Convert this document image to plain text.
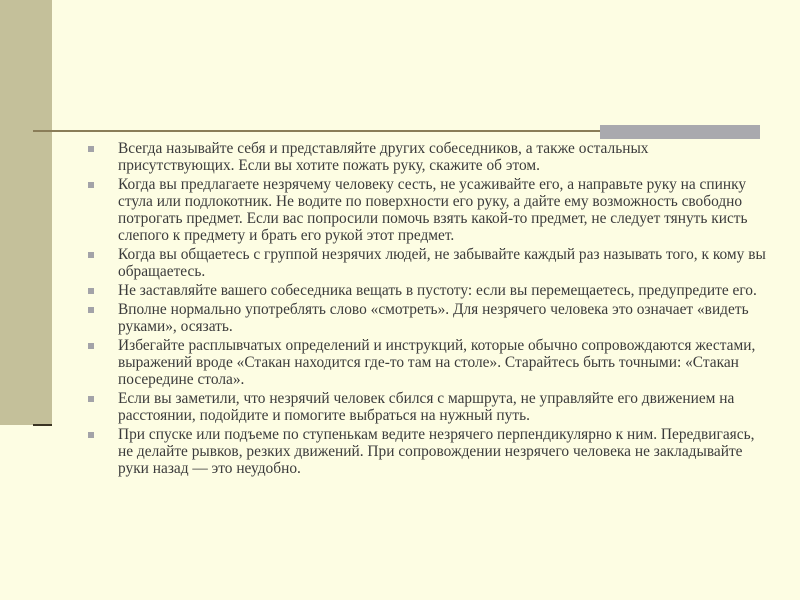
Всегда называйте себя и представляйте других собеседников, а также остальных присутствующих. Если вы хотите пожать руку, скажите об этом.
Когда вы предлагаете незрячему человеку сесть, не усаживайте его, а направьте руку на спинку стула или подлокотник. Не водите по поверхности его руку, а дайте ему возможность свободно потрогать предмет. Если вас попросили помочь взять какой-то предмет, не следует тянуть кисть слепого к предмету и брать его рукой этот предмет.
Когда вы общаетесь с группой незрячих людей, не забывайте каждый раз называть того, к кому вы обращаетесь.
Не заставляйте вашего собеседника вещать в пустоту: если вы перемещаетесь, предупредите его.
Вполне нормально употреблять слово «смотреть». Для незрячего человека это означает «видеть руками», осязать.
Избегайте расплывчатых определений и инструкций, которые обычно сопровождаются жестами, выражений вроде «Стакан находится где-то там на столе». Старайтесь быть точными: «Стакан посередине стола».
Если вы заметили, что незрячий человек сбился с маршрута, не управляйте его движением на расстоянии, подойдите и помогите выбраться на нужный путь.
При спуске или подъеме по ступенькам ведите незрячего перпендикулярно к ним. Передвигаясь, не делайте рывков, резких движений. При сопровождении незрячего человека не закладывайте руки назад — это неудобно.
